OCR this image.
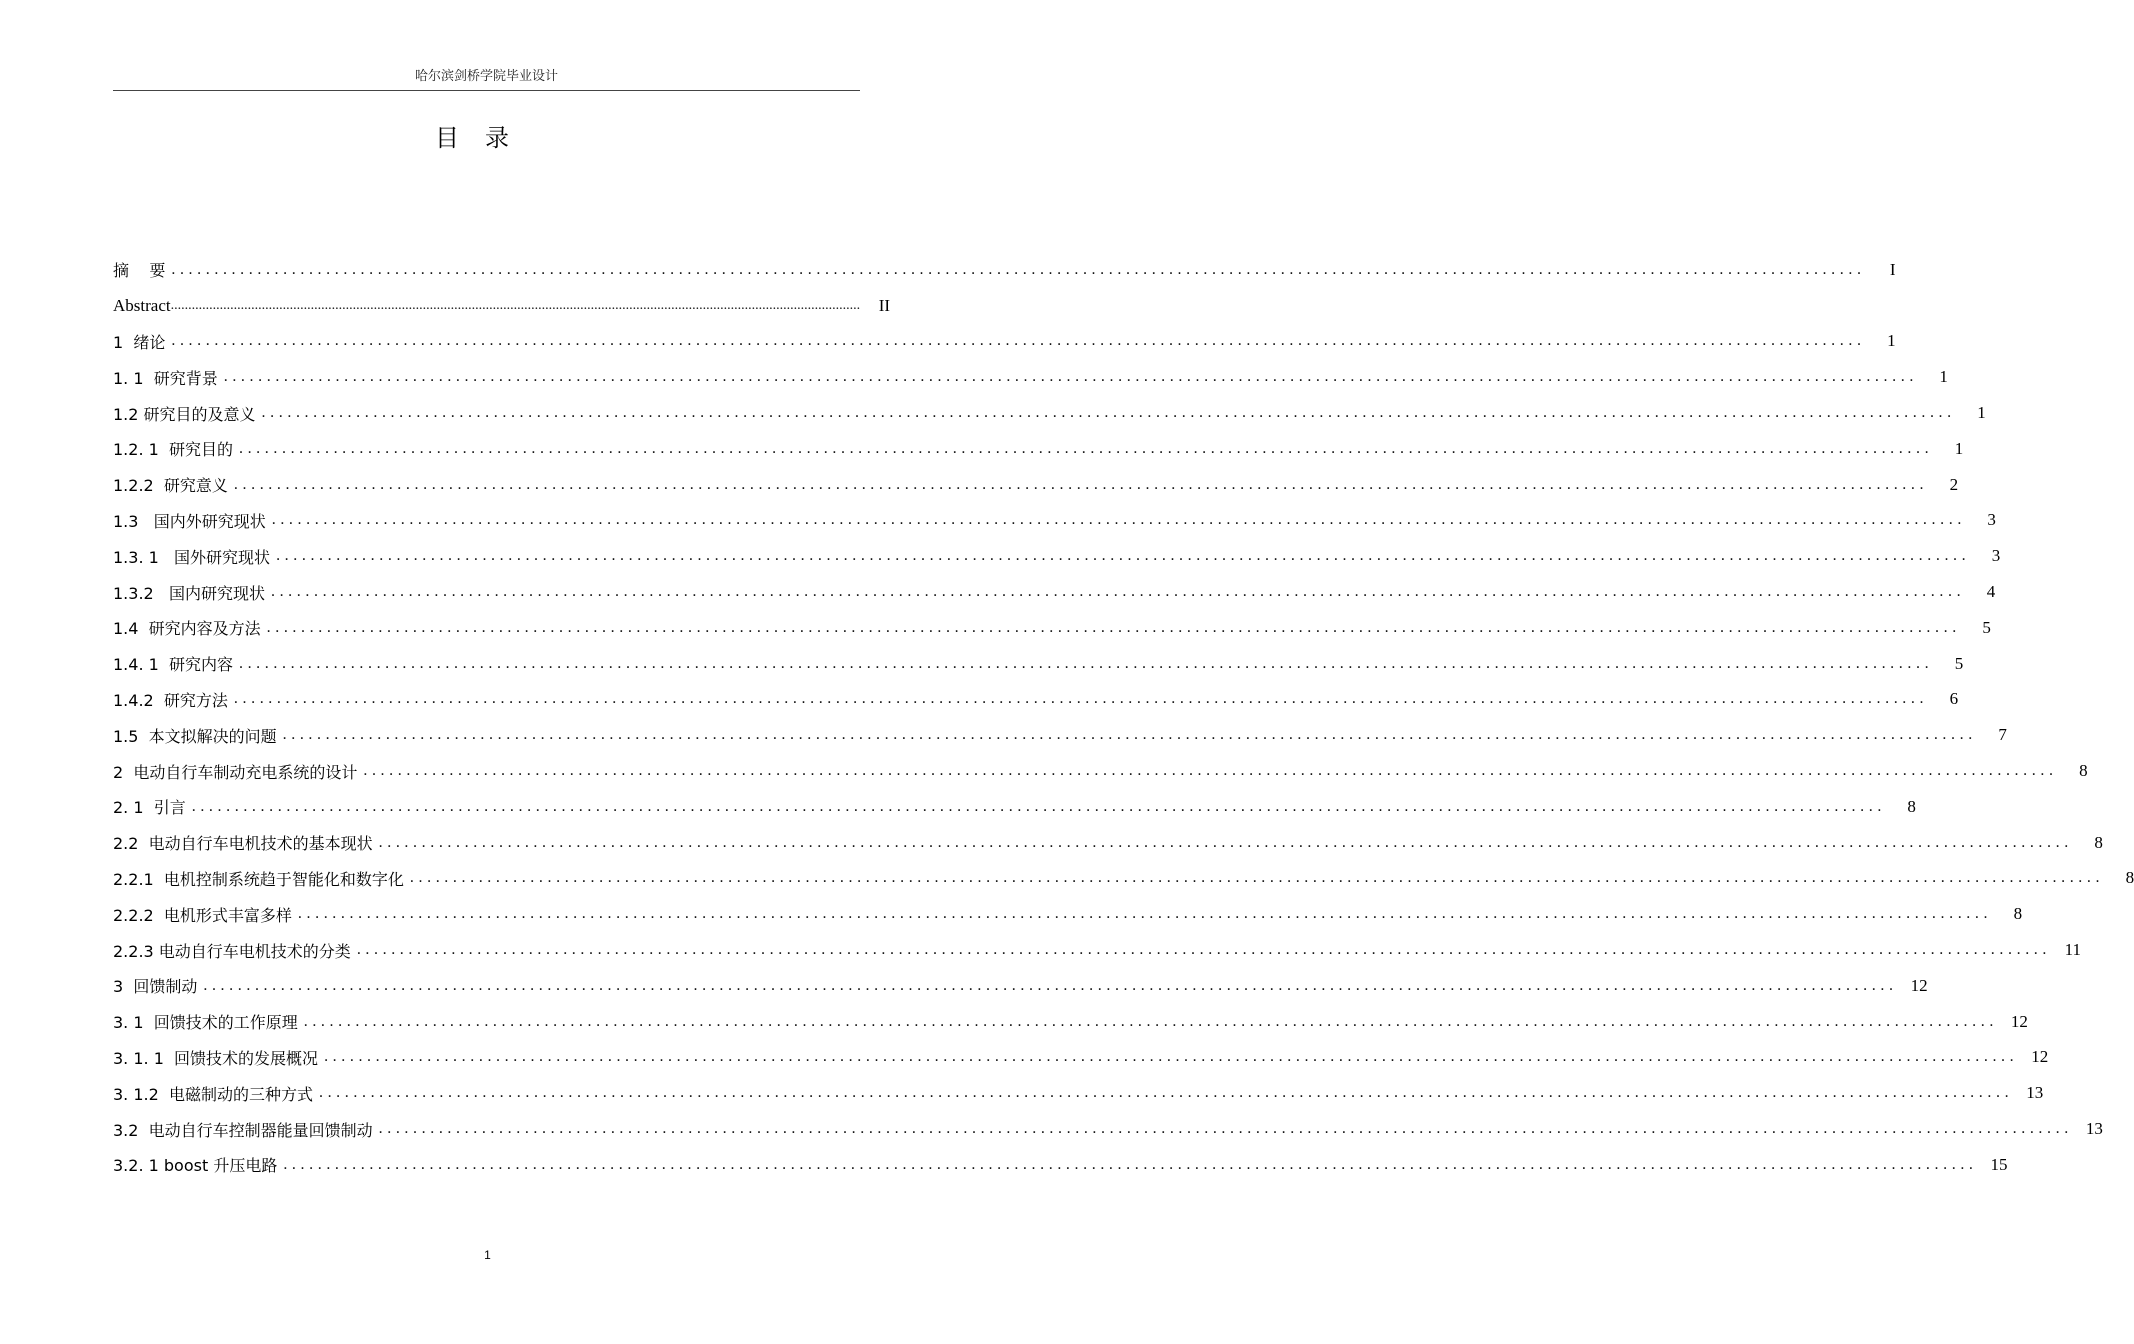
哈尔滨剑桥学院毕业设计
目录
摘    要 .....................................................................................................................................................................................................	I
Abstract .....................................................................................................................................................................................................	II
1  绪论 .....................................................................................................................................................................................................	1
1. 1  研究背景 .....................................................................................................................................................................................................	1
1.2 研究目的及意义 .....................................................................................................................................................................................................	1
1.2. 1  研究目的 .....................................................................................................................................................................................................	1
1.2.2  研究意义 .....................................................................................................................................................................................................	2
1.3   国内外研究现状 .....................................................................................................................................................................................................	3
1.3. 1   国外研究现状 .....................................................................................................................................................................................................	3
1.3.2   国内研究现状 .....................................................................................................................................................................................................	4
1.4  研究内容及方法 .....................................................................................................................................................................................................	5
1.4. 1  研究内容 .....................................................................................................................................................................................................	5
1.4.2  研究方法 .....................................................................................................................................................................................................	6
1.5  本文拟解决的问题 .....................................................................................................................................................................................................	7
2  电动自行车制动充电系统的设计 .....................................................................................................................................................................................................	8
2. 1  引言 .....................................................................................................................................................................................................	8
2.2  电动自行车电机技术的基本现状 .....................................................................................................................................................................................................	8
2.2.1  电机控制系统趋于智能化和数字化 .....................................................................................................................................................................................................	8
2.2.2  电机形式丰富多样 .....................................................................................................................................................................................................	8
2.2.3 电动自行车电机技术的分类 ..................................................................................................................................................................................................... 11
3  回馈制动 ..................................................................................................................................................................................................... 12
3. 1  回馈技术的工作原理 ..................................................................................................................................................................................................... 12
3. 1. 1  回馈技术的发展概况 ..................................................................................................................................................................................................... 12
3. 1.2  电磁制动的三种方式 ..................................................................................................................................................................................................... 13
3.2  电动自行车控制器能量回馈制动 ..................................................................................................................................................................................................... 13
3.2. 1 boost 升压电路 ..................................................................................................................................................................................................... 15
1
